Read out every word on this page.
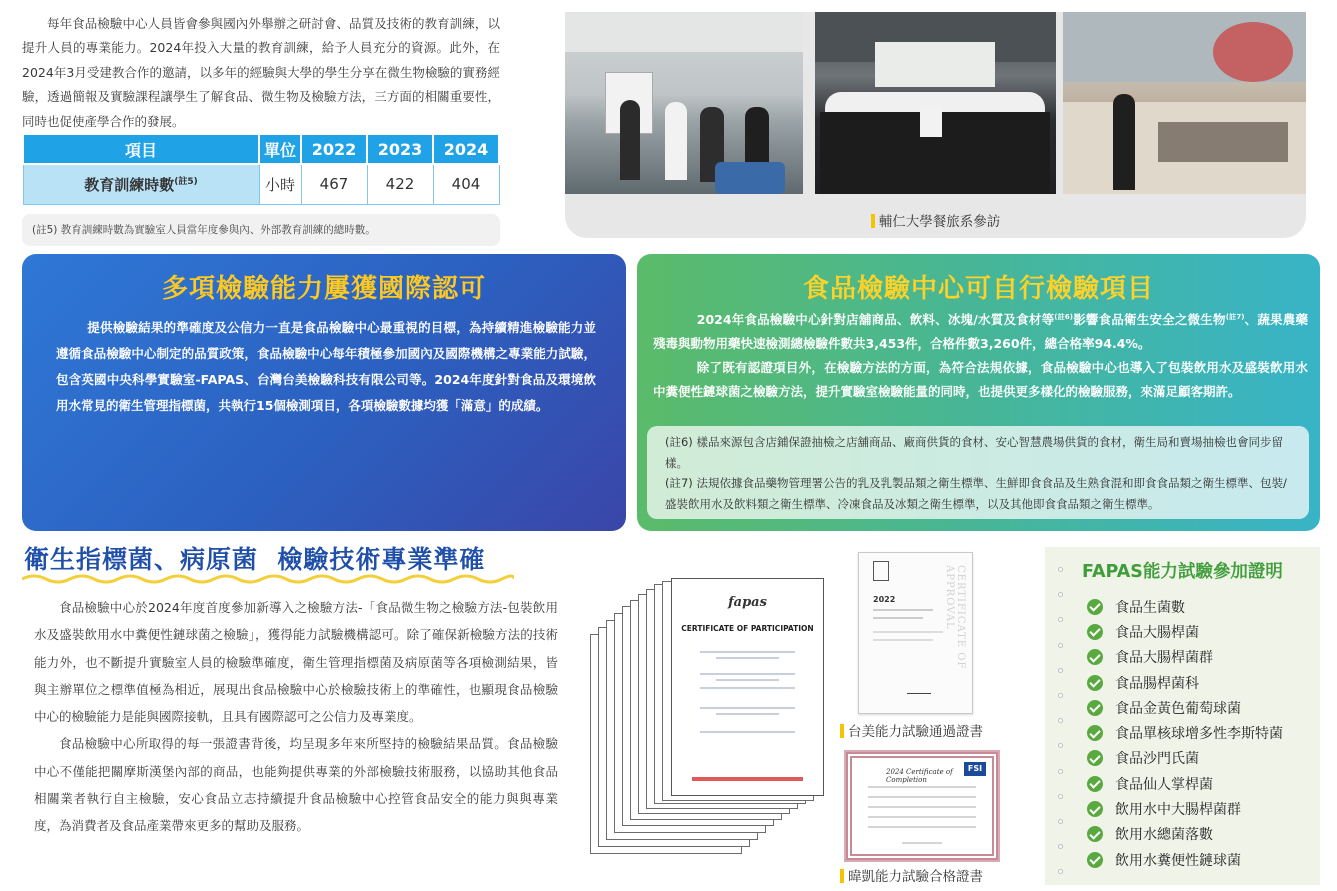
每年食品檢驗中心人員皆會參與國內外舉辦之研討會、品質及技術的教育訓練，以提升人員的專業能力。2024年投入大量的教育訓練，給予人員充分的資源。此外，在2024年3月受建教合作的邀請，以多年的經驗與大學的學生分享在微生物檢驗的實務經驗，透過簡報及實驗課程讓學生了解食品、微生物及檢驗方法，三方面的相關重要性，同時也促使產學合作的發展。

項目	單位	2022	2023	2024
教育訓練時數$^{(註5)}$	小時	467	422	404
(註5) 教育訓練時數為實驗室人員當年度參與內、外部教育訓練的總時數。	輔仁大學餐旅系參訪
多項檢驗能力屢獲國際認可

提供檢驗結果的準確度及公信力一直是食品檢驗中心最重視的目標，為持續精進檢驗能力並遵循食品檢驗中心制定的品質政策，食品檢驗中心每年積極參加國內及國際機構之專業能力試驗，包含英國中央科學實驗室-FAPAS、台灣台美檢驗科技有限公司等。2024年度針對食品及環境飲用水常見的衛生管理指標菌，共執行15個檢測項目，各項檢驗數據均獲「滿意」的成績。

食品檢驗中心可自行檢驗項目

2024年食品檢驗中心針對店舖商品、飲料、冰塊/水質及食材等$^{(註6)}$影響食品衛生安全之微生物$^{(註7)}$、蔬果農藥殘毒與動物用藥快速檢測總檢驗件數共3,453件，合格件數3,260件，總合格率94.4%。

除了既有認證項目外，在檢驗方法的方面，為符合法規依據，食品檢驗中心也導入了包裝飲用水及盛裝飲用水中糞便性鏈球菌之檢驗方法，提升實驗室檢驗能量的同時，也提供更多樣化的檢驗服務，來滿足顧客期許。

(註6) 樣品來源包含店鋪保證抽檢之店舖商品、廠商供貨的食材、安心智慧農場供貨的食材，衛生局和賣場抽檢也會同步留樣。
(註7) 法規依據食品藥物管理署公告的乳及乳製品類之衛生標準、生鮮即食食品及生熟食混和即食食品類之衛生標準、包裝/盛裝飲用水及飲料類之衛生標準、冷凍食品及冰類之衛生標準，以及其他即食食品類之衛生標準。
衛生指標菌、病原菌  檢驗技術專業準確

食品檢驗中心於2024年度首度參加新導入之檢驗方法-「食品微生物之檢驗方法-包裝飲用水及盛裝飲用水中糞便性鏈球菌之檢驗」，獲得能力試驗機構認可。除了確保新檢驗方法的技術能力外，也不斷提升實驗室人員的檢驗準確度，衛生管理指標菌及病原菌等各項檢測結果，皆與主辦單位之標準值極為相近，展現出食品檢驗中心於檢驗技術上的準確性，也顯現食品檢驗中心的檢驗能力是能與國際接軌，且具有國際認可之公信力及專業度。

食品檢驗中心所取得的每一張證書背後，均呈現多年來所堅持的檢驗結果品質。食品檢驗中心不僅能把關摩斯漢堡內部的商品，也能夠提供專業的外部檢驗技術服務，以協助其他食品相關業者執行自主檢驗，安心食品立志持續提升食品檢驗中心控管食品安全的能力與與專業度，為消費者及食品產業帶來更多的幫助及服務。

fapas
CERTIFICATE OF PARTICIPATION
2022	CERTIFICATE OF APPROVAL
台美能力試驗通過證書
2024 Certificate of Completion
FSI
暐凱能力試驗合格證書
FAPAS能力試驗參加證明
食品生菌數
食品大腸桿菌
食品大腸桿菌群
食品腸桿菌科
食品金黃色葡萄球菌
食品單核球增多性李斯特菌
食品沙門氏菌
食品仙人掌桿菌
飲用水中大腸桿菌群
飲用水總菌落數
飲用水糞便性鏈球菌
